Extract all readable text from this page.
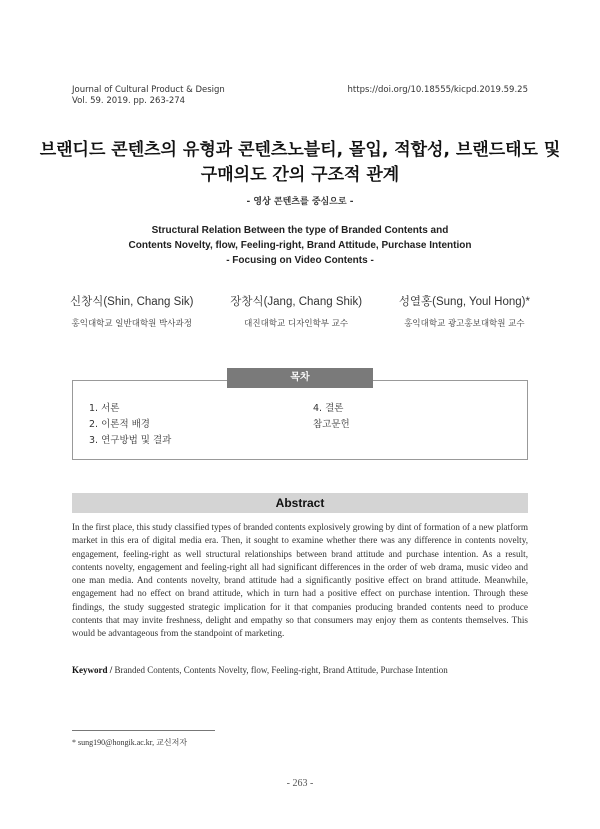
Journal of Cultural Product & Design
Vol. 59. 2019. pp. 263-274
https://doi.org/10.18555/kicpd.2019.59.25
브랜디드 콘텐츠의 유형과 콘텐츠노블티, 몰입, 적합성, 브랜드태도 및
구매의도 간의 구조적 관계
- 영상 콘텐츠를 중심으로 -
Structural Relation Between the type of Branded Contents and
Contents Novelty, flow, Feeling-right, Brand Attitude, Purchase Intention
- Focusing on Video Contents -
신창식(Shin, Chang Sik)
홍익대학교 일반대학원 박사과정
장창식(Jang, Chang Shik)
대진대학교 디자인학부 교수
성열홍(Sung, Youl Hong)*
홍익대학교 광고홍보대학원 교수
1. 서론
2. 이론적 배경
3. 연구방법 및 결과
4. 결론
참고문헌
목차
Abstract
In the first place, this study classified types of branded contents explosively growing by dint of formation of a new platform market in this era of digital media era. Then, it sought to examine whether there was any difference in contents novelty, engagement, feeling-right as well structural relationships between brand attitude and purchase intention. As a result, contents novelty, engagement and feeling-right all had significant differences in the order of web drama, music video and one man media. And contents novelty, brand attitude had a significantly positive effect on brand attitude. Meanwhile, engagement had no effect on brand attitude, which in turn had a positive effect on purchase intention. Through these findings, the study suggested strategic implication for it that companies producing branded contents need to produce contents that may invite freshness, delight and empathy so that consumers may enjoy them as contents themselves. This would be advantageous from the standpoint of marketing.
Keyword / Branded Contents, Contents Novelty, flow, Feeling-right, Brand Attitude, Purchase Intention
* sung190@hongik.ac.kr, 교신저자
- 263 -
